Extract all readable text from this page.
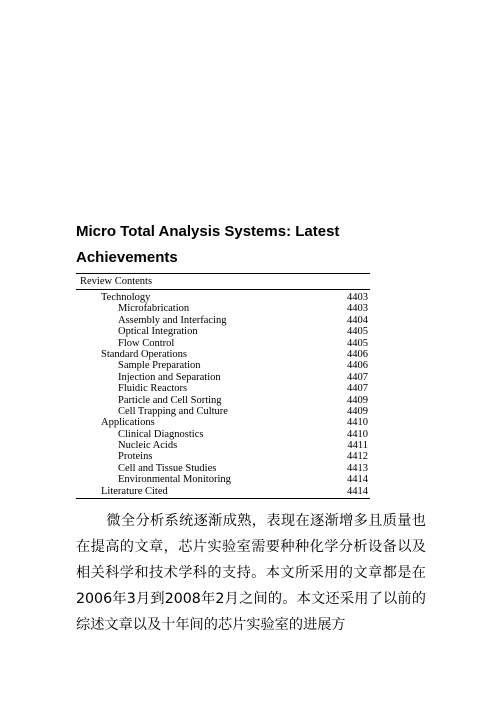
Micro Total Analysis Systems: Latest Achievements
Review Contents
Technology	4403
Microfabrication	4403
Assembly and Interfacing	4404
Optical Integration	4405
Flow Control	4405
Standard Operations	4406
Sample Preparation	4406
Injection and Separation	4407
Fluidic Reactors	4407
Particle and Cell Sorting	4409
Cell Trapping and Culture	4409
Applications	4410
Clinical Diagnostics	4410
Nucleic Acids	4411
Proteins	4412
Cell and Tissue Studies	4413
Environmental Monitoring	4414
Literature Cited	4414

微全分析系统逐渐成熟，表现在逐渐增多且质量也在提高的文章，芯片实验室需要种种化学分析设备以及相关科学和技术学科的支持。本文所采用的文章都是在2006年3月到2008年2月之间的。本文还采用了以前的综述文章以及十年间的芯片实验室的进展方
